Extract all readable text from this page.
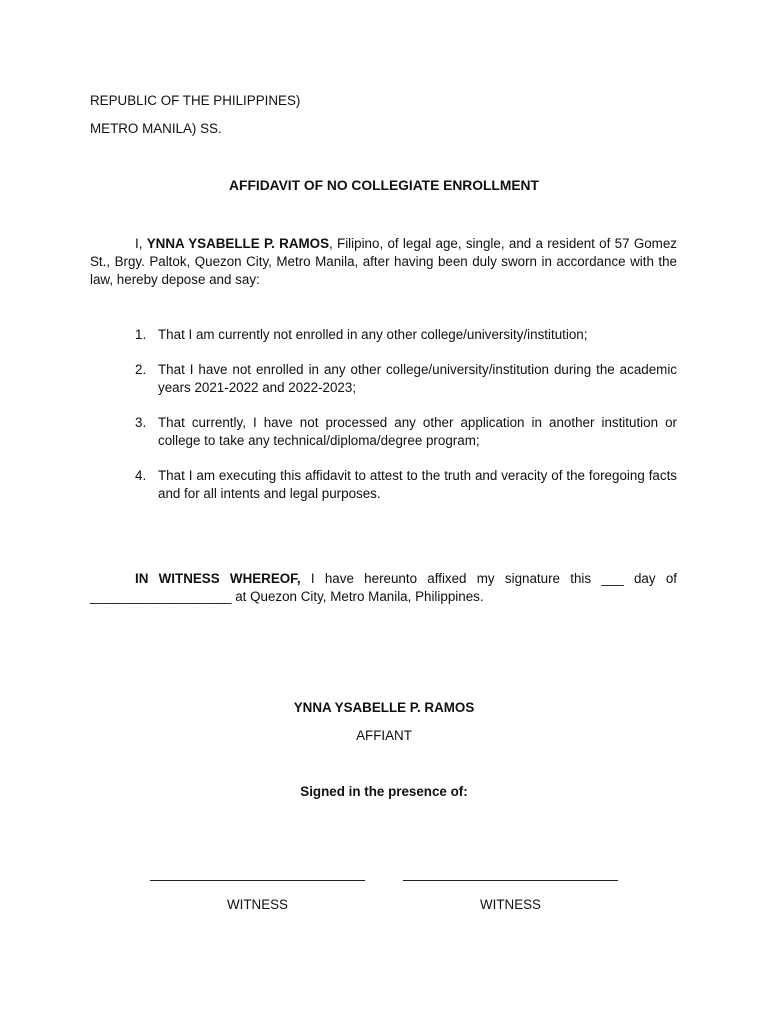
REPUBLIC OF THE PHILIPPINES)
METRO MANILA) SS.
AFFIDAVIT OF NO COLLEGIATE ENROLLMENT
I, YNNA YSABELLE P. RAMOS, Filipino, of legal age, single, and a resident of 57 Gomez St., Brgy. Paltok, Quezon City, Metro Manila, after having been duly sworn in accordance with the law, hereby depose and say:
1. That I am currently not enrolled in any other college/university/institution;
2. That I have not enrolled in any other college/university/institution during the academic years 2021-2022 and 2022-2023;
3. That currently, I have not processed any other application in another institution or college to take any technical/diploma/degree program;
4. That I am executing this affidavit to attest to the truth and veracity of the foregoing facts and for all intents and legal purposes.
IN WITNESS WHEREOF, I have hereunto affixed my signature this ___ day of ___________________ at Quezon City, Metro Manila, Philippines.
YNNA YSABELLE P. RAMOS
AFFIANT
Signed in the presence of:
WITNESS	WITNESS
